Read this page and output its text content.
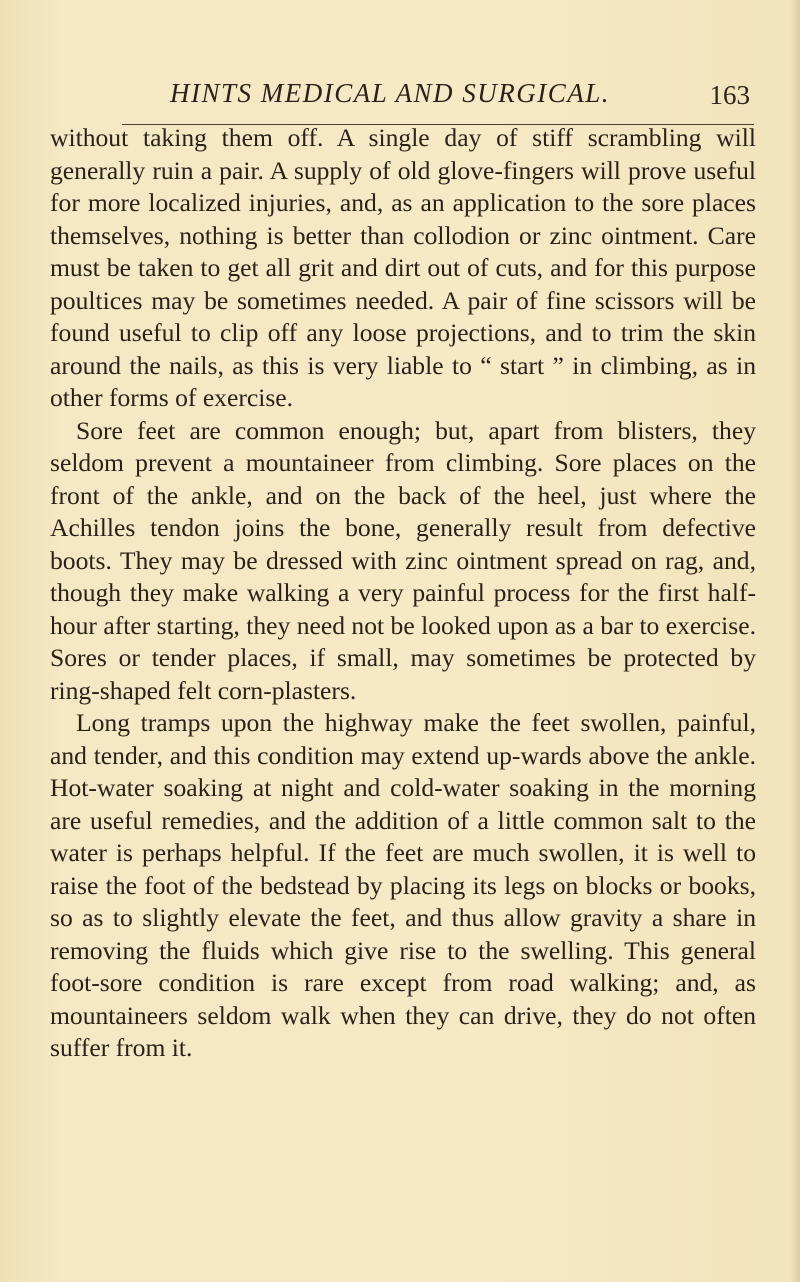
HINTS MEDICAL AND SURGICAL.	163

without taking them off. A single day of stiff scrambling will generally ruin a pair. A supply of old glove-fingers will prove useful for more localized injuries, and, as an application to the sore places themselves, nothing is better than collodion or zinc ointment. Care must be taken to get all grit and dirt out of cuts, and for this purpose poultices may be sometimes needed. A pair of fine scissors will be found useful to clip off any loose projections, and to trim the skin around the nails, as this is very liable to “ start ” in climbing, as in other forms of exercise.

Sore feet are common enough; but, apart from blisters, they seldom prevent a mountaineer from climbing. Sore places on the front of the ankle, and on the back of the heel, just where the Achilles tendon joins the bone, generally result from defective boots. They may be dressed with zinc ointment spread on rag, and, though they make walking a very painful process for the first half-hour after starting, they need not be looked upon as a bar to exercise. Sores or tender places, if small, may sometimes be protected by ring-shaped felt corn-plasters.

Long tramps upon the highway make the feet swollen, painful, and tender, and this condition may extend up-wards above the ankle. Hot-water soaking at night and cold-water soaking in the morning are useful remedies, and the addition of a little common salt to the water is perhaps helpful. If the feet are much swollen, it is well to raise the foot of the bedstead by placing its legs on blocks or books, so as to slightly elevate the feet, and thus allow gravity a share in removing the fluids which give rise to the swelling. This general foot-sore condition is rare except from road walking; and, as mountaineers seldom walk when they can drive, they do not often suffer from it.
